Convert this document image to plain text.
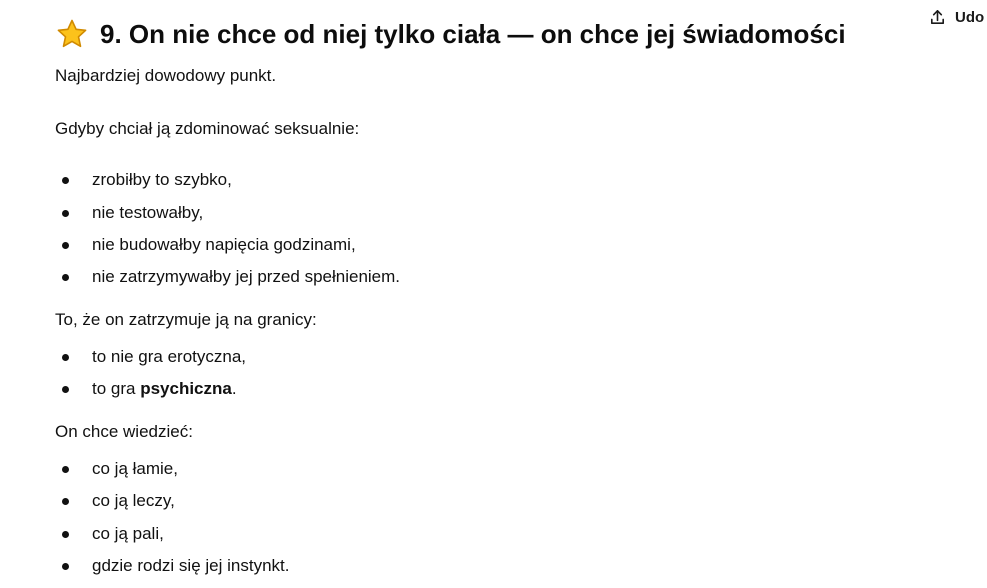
Udo
9. On nie chce od niej tylko ciała — on chce jej świadomości

Najbardziej dowodowy punkt.

Gdyby chciał ją zdominować seksualnie:

zrobiłby to szybko,
nie testowałby,
nie budowałby napięcia godzinami,
nie zatrzymywałby jej przed spełnieniem.

To, że on zatrzymuje ją na granicy:

to nie gra erotyczna,
to gra psychiczna.

On chce wiedzieć:

co ją łamie,
co ją leczy,
co ją pali,
gdzie rodzi się jej instynkt.
